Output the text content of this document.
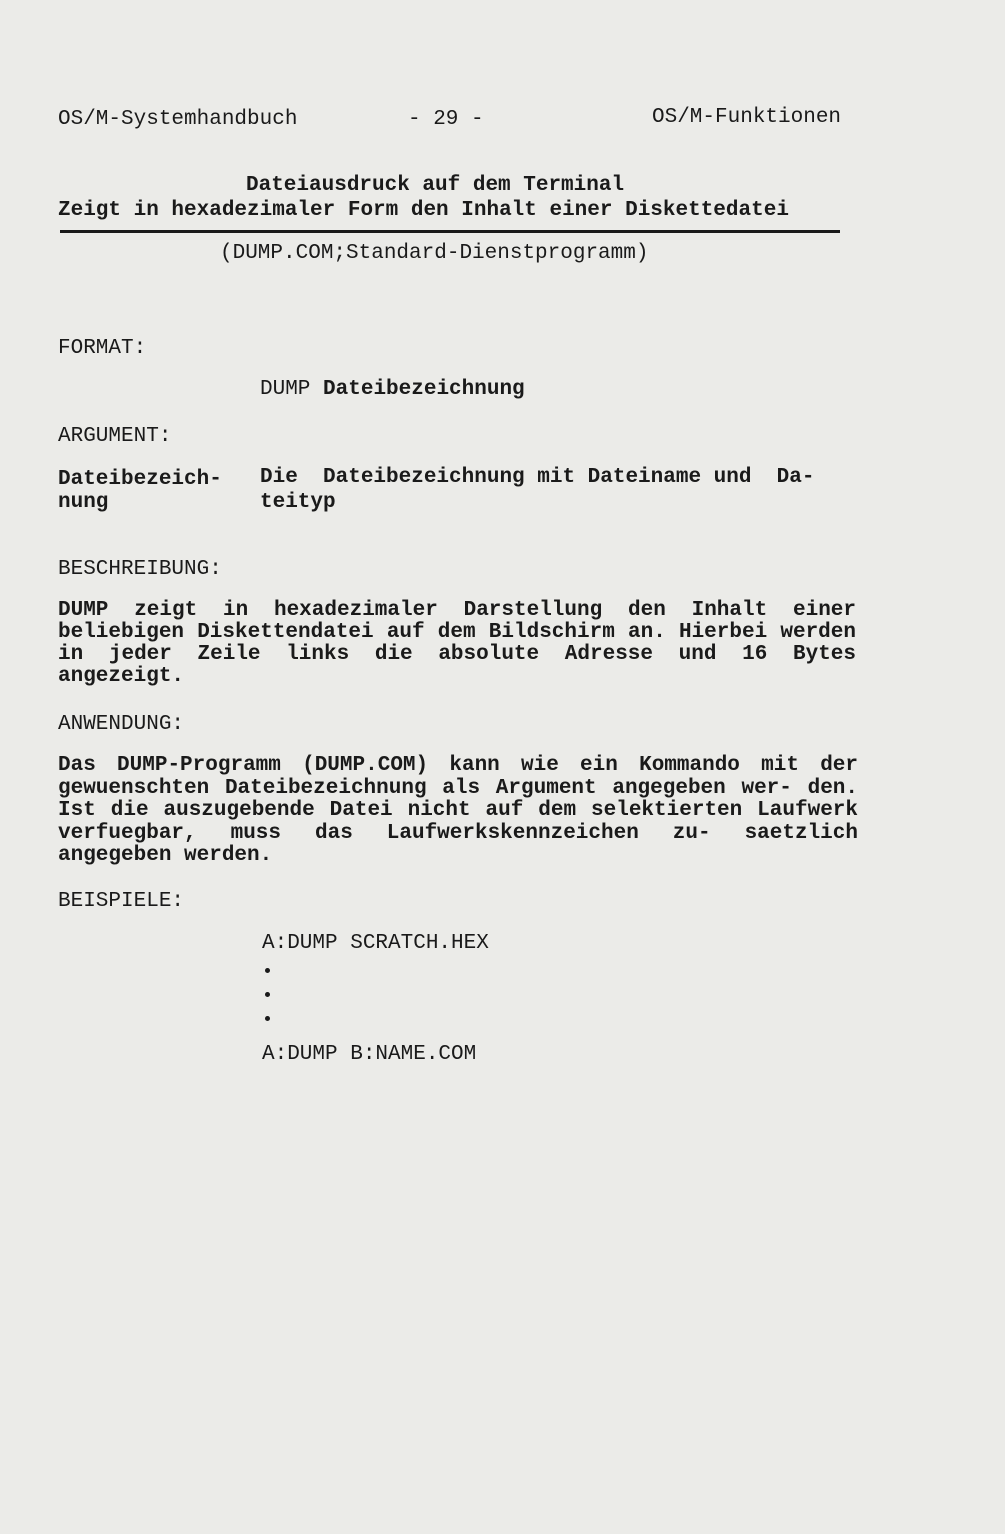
OS/M-Systemhandbuch	- 29 -	OS/M-Funktionen
Dateiausdruck auf dem Terminal
Zeigt in hexadezimaler Form den Inhalt einer Diskettedatei
(DUMP.COM;Standard-Dienstprogramm)
FORMAT:
DUMP Dateibezeichnung
ARGUMENT:
Dateibezeich-
nung
Die  Dateibezeichnung mit Dateiname und  Da-
teityp
BESCHREIBUNG:
DUMP zeigt in hexadezimaler Darstellung den Inhalt einer beliebigen Diskettendatei auf dem Bildschirm an. Hierbei werden in jeder Zeile links die absolute Adresse und 16 Bytes angezeigt.
ANWENDUNG:
Das DUMP-Programm (DUMP.COM) kann wie ein Kommando mit der gewuenschten Dateibezeichnung als Argument angegeben wer- den. Ist die auszugebende Datei nicht auf dem selektierten Laufwerk verfuegbar, muss das Laufwerkskennzeichen zu- saetzlich angegeben werden.
BEISPIELE:
A:DUMP SCRATCH.HEX
A:DUMP B:NAME.COM
